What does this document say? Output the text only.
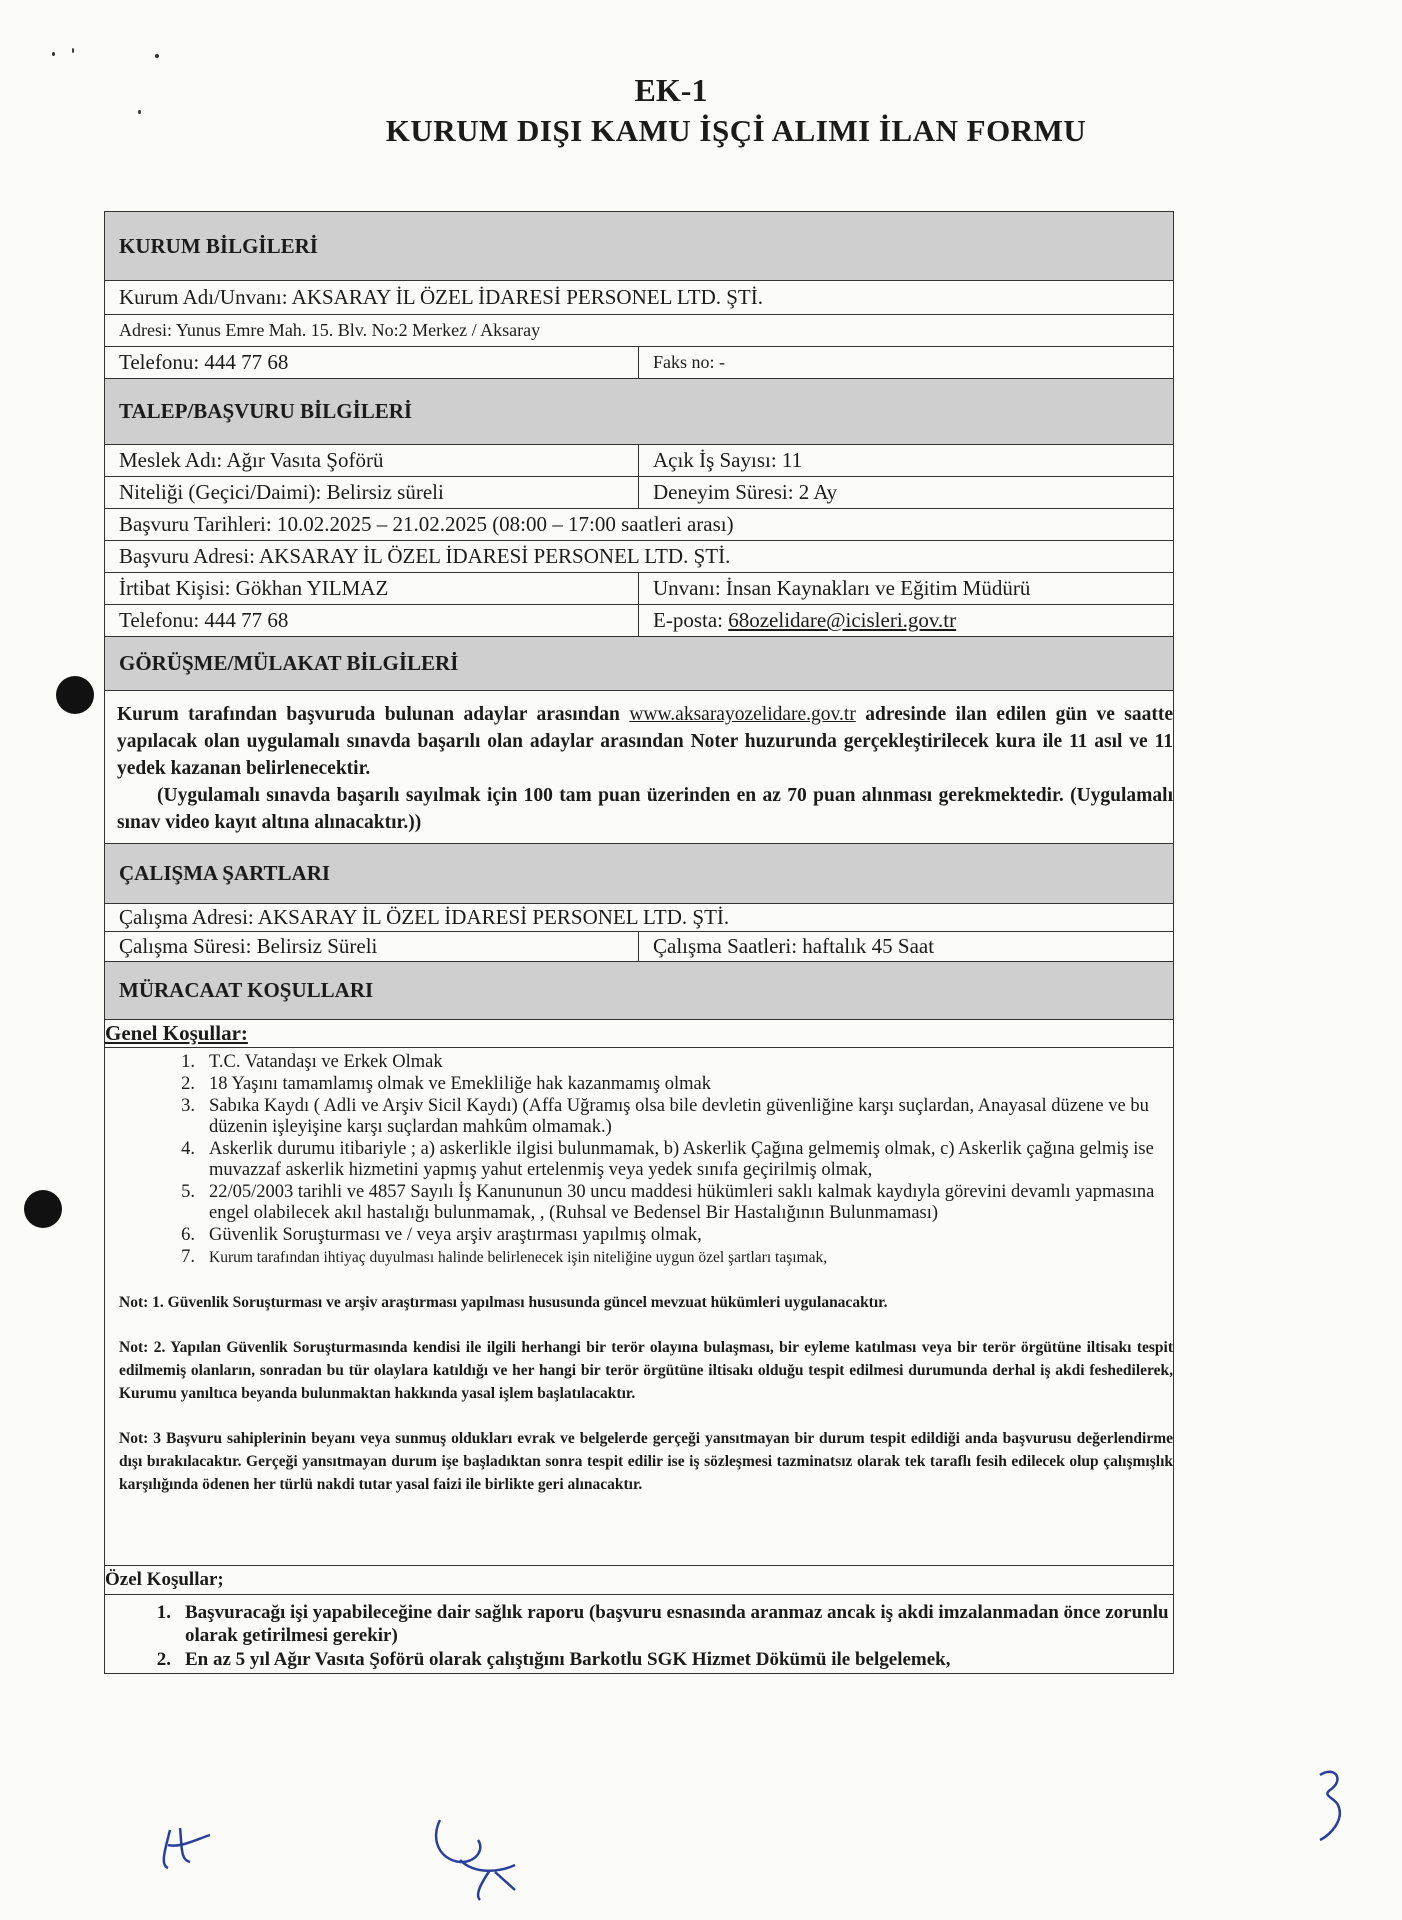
EK-1
KURUM DIŞI KAMU İŞÇİ ALIMI İLAN FORMU
KURUM BİLGİLERİ
Kurum Adı/Unvanı: AKSARAY İL ÖZEL İDARESİ PERSONEL LTD. ŞTİ.
Adresi: Yunus Emre Mah. 15. Blv. No:2 Merkez / Aksaray
Telefonu: 444 77 68	Faks no: -
TALEP/BAŞVURU BİLGİLERİ
Meslek Adı: Ağır Vasıta Şoförü	Açık İş Sayısı: 11
Niteliği (Geçici/Daimi): Belirsiz süreli	Deneyim Süresi: 2 Ay
Başvuru Tarihleri: 10.02.2025 – 21.02.2025 (08:00 – 17:00 saatleri arası)
Başvuru Adresi: AKSARAY İL ÖZEL İDARESİ PERSONEL LTD. ŞTİ.
İrtibat Kişisi: Gökhan YILMAZ	Unvanı: İnsan Kaynakları ve Eğitim Müdürü
Telefonu: 444 77 68	E-posta:
68ozelidare@icisleri.gov.tr
GÖRÜŞME/MÜLAKAT BİLGİLERİ
Kurum tarafından başvuruda bulunan adaylar arasından www.aksarayozelidare.gov.tr adresinde ilan edilen gün ve saatte yapılacak olan uygulamalı sınavda başarılı olan adaylar arasından Noter huzurunda gerçekleştirilecek kura ile 11 asıl ve 11 yedek kazanan belirlenecektir.
(Uygulamalı sınavda başarılı sayılmak için 100 tam puan üzerinden en az 70 puan alınması gerekmektedir. (Uygulamalı sınav video kayıt altına alınacaktır.))
ÇALIŞMA ŞARTLARI
Çalışma Adresi: AKSARAY İL ÖZEL İDARESİ PERSONEL LTD. ŞTİ.
Çalışma Süresi: Belirsiz Süreli	Çalışma Saatleri: haftalık 45 Saat
MÜRACAAT KOŞULLARI
Genel Koşullar:
1. T.C. Vatandaşı ve Erkek Olmak
2. 18 Yaşını tamamlamış olmak ve Emekliliğe hak kazanmamış olmak
3. Sabıka Kaydı ( Adli ve Arşiv Sicil Kaydı) (Affa Uğramış olsa bile devletin güvenliğine karşı suçlardan, Anayasal düzene ve bu düzenin işleyişine karşı suçlardan mahkûm olmamak.)
4. Askerlik durumu itibariyle ; a) askerlikle ilgisi bulunmamak, b) Askerlik Çağına gelmemiş olmak, c) Askerlik çağına gelmiş ise muvazzaf askerlik hizmetini yapmış yahut ertelenmiş veya yedek sınıfa geçirilmiş olmak,
5. 22/05/2003 tarihli ve 4857 Sayılı İş Kanununun 30 uncu maddesi hükümleri saklı kalmak kaydıyla görevini devamlı yapmasına engel olabilecek akıl hastalığı bulunmamak, , (Ruhsal ve Bedensel Bir Hastalığının Bulunmaması)
6. Güvenlik Soruşturması ve / veya arşiv araştırması yapılmış olmak,
7. Kurum tarafından ihtiyaç duyulması halinde belirlenecek işin niteliğine uygun özel şartları taşımak,
Not: 1. Güvenlik Soruşturması ve arşiv araştırması yapılması hususunda güncel mevzuat hükümleri uygulanacaktır.
Not: 2. Yapılan Güvenlik Soruşturmasında kendisi ile ilgili herhangi bir terör olayına bulaşması, bir eyleme katılması veya bir terör örgütüne iltisakı tespit edilmemiş olanların, sonradan bu tür olaylara katıldığı ve her hangi bir terör örgütüne iltisakı olduğu tespit edilmesi durumunda derhal iş akdi feshedilerek, Kurumu yanıltıca beyanda bulunmaktan hakkında yasal işlem başlatılacaktır.
Not: 3 Başvuru sahiplerinin beyanı veya sunmuş oldukları evrak ve belgelerde gerçeği yansıtmayan bir durum tespit edildiği anda başvurusu değerlendirme dışı bırakılacaktır. Gerçeği yansıtmayan durum işe başladıktan sonra tespit edilir ise iş sözleşmesi tazminatsız olarak tek taraflı fesih edilecek olup çalışmışlık karşılığında ödenen her türlü nakdi tutar yasal faizi ile birlikte geri alınacaktır.
Özel Koşullar;
1. Başvuracağı işi yapabileceğine dair sağlık raporu (başvuru esnasında aranmaz ancak iş akdi imzalanmadan önce zorunlu olarak getirilmesi gerekir)
2. En az 5 yıl Ağır Vasıta Şoförü olarak çalıştığını Barkotlu SGK Hizmet Dökümü ile belgelemek,
